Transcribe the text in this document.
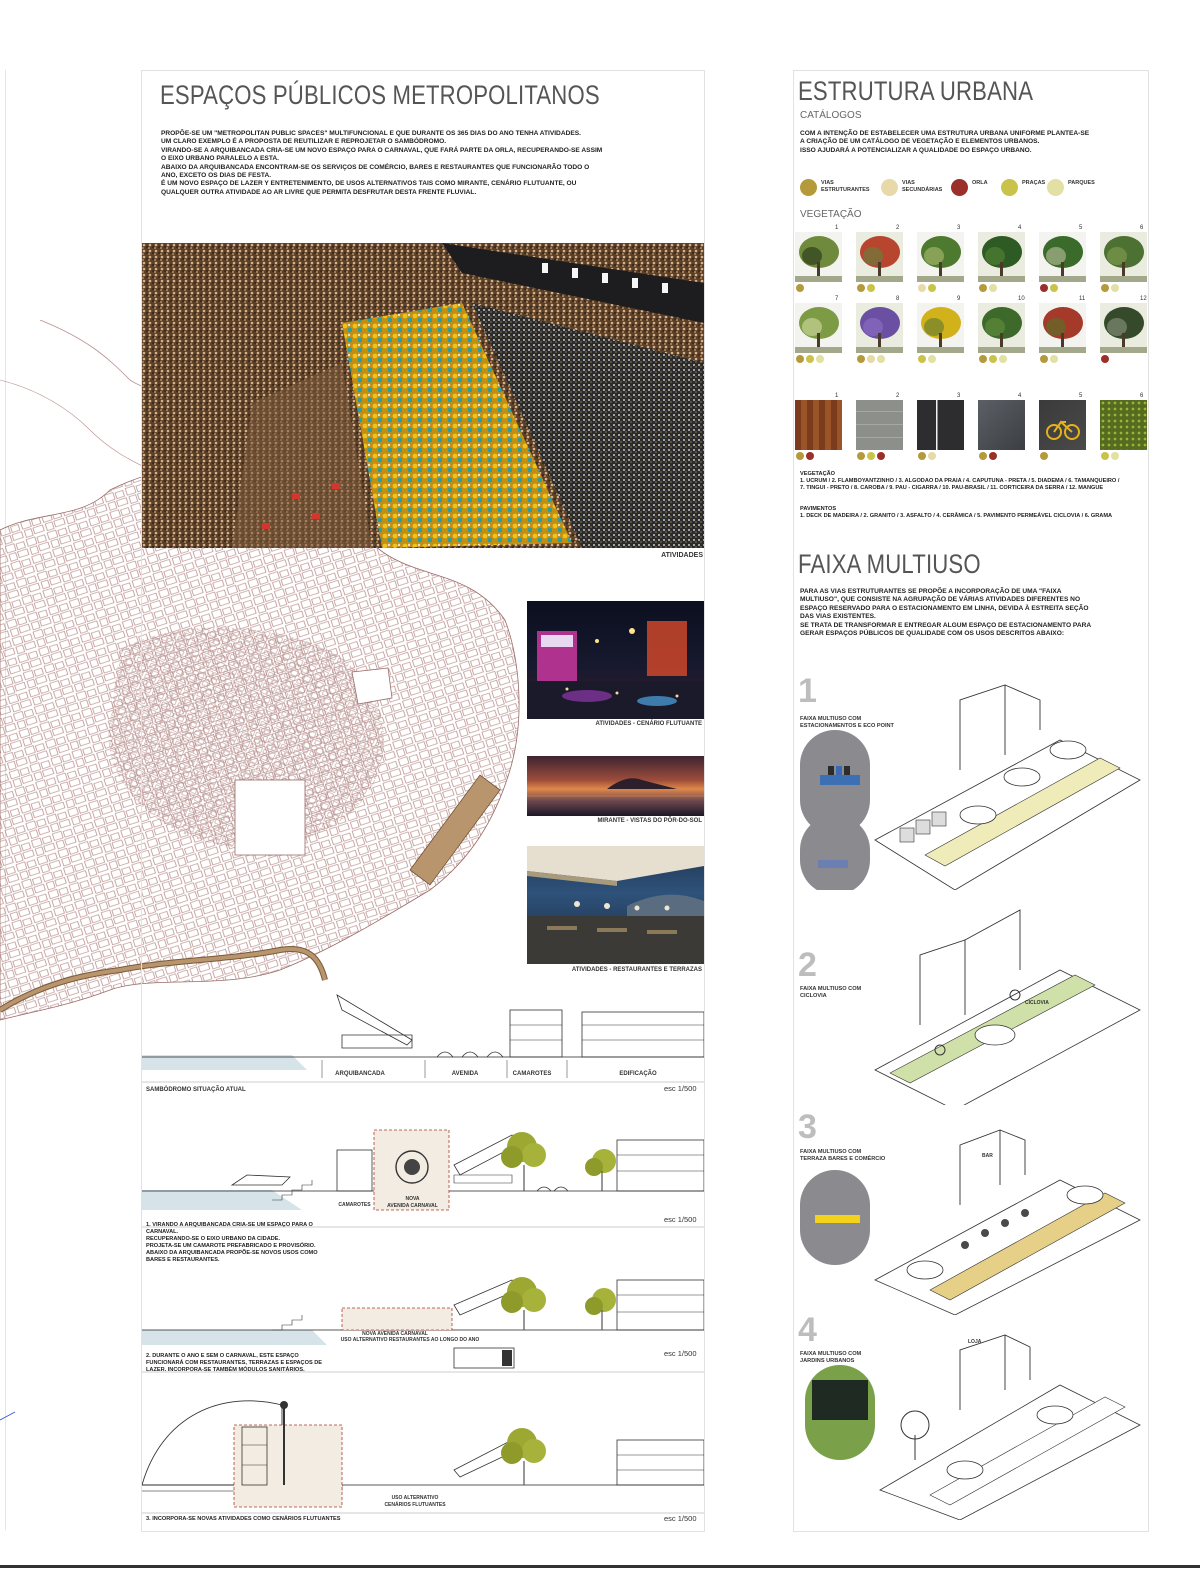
ESPAÇOS PÚBLICOS METROPOLITANOS
PROPÔE-SE UM "METROPOLITAN PUBLIC SPACES" MULTIFUNCIONAL E QUE DURANTE OS 365 DIAS DO ANO TENHA ATIVIDADES.
UM CLARO EXEMPLO É A PROPOSTA DE REUTILIZAR E REPROJETAR O SAMBÓDROMO.
VIRANDO-SE A ARQUIBANCADA CRIA-SE UM NOVO ESPAÇO PARA O CARNAVAL, QUE FARÁ PARTE DA ORLA, RECUPERANDO-SE ASSIM
O EIXO URBANO PARALELO A ESTA.
ABAIXO DA ARQUIBANCADA ENCONTRAM-SE OS SERVIÇOS DE COMÉRCIO, BARES E RESTAURANTES QUE FUNCIONARÃO TODO O
ANO, EXCETO OS DIAS DE FESTA.
É UM NOVO ESPAÇO DE LAZER Y ENTRETENIMENTO, DE USOS ALTERNATIVOS TAIS COMO MIRANTE, CENÁRIO FLUTUANTE, OU
QUALQUER OUTRA ATIVIDADE AO AR LIVRE QUE PERMITA DESFRUTAR DESTA FRENTE FLUVIAL.
ATIVIDADES
ATIVIDADES - CENÁRIO FLUTUANTE
MIRANTE - VISTAS DO PÔR-DO-SOL
ATIVIDADES - RESTAURANTES E TERRAZAS
ARQUIBANCADA	AVENIDA	CAMAROTES	EDIFICAÇÃO
SAMBÓDROMO SITUAÇÃO ATUAL	esc 1/500
CAMAROTES
NOVA
AVENIDA CARNAVAL
esc 1/500
1. VIRANDO A ARQUIBANCADA CRIA-SE UM ESPAÇO PARA O
CARNAVAL.
RECUPERANDO-SE O EIXO URBANO DA CIDADE.
PROJETA-SE UM CAMAROTE PREFABRICADO E PROVISÓRIO.
ABAIXO DA ARQUIBANCADA PROPÕE-SE NOVOS USOS COMO
BARES E RESTAURANTES.
NOVA AVENIDA CARNAVAL
USO ALTERNATIVO RESTAURANTES AO LONGO DO ANO
esc 1/500
2. DURANTE O ANO E SEM O CARNAVAL, ESTE ESPAÇO
FUNCIONARÁ COM RESTAURANTES, TERRAZAS E ESPAÇOS DE
LAZER. INCORPORA-SE TAMBÉM MÓDULOS SANITÁRIOS.
USO ALTERNATIVO
CENÁRIOS FLUTUANTES
3. INCORPORA-SE NOVAS ATIVIDADES COMO CENÁRIOS FLUTUANTES	esc 1/500
ESTRUTURA URBANA
CATÁLOGOS
COM A INTENÇÃO DE ESTABELECER UMA ESTRUTURA URBANA UNIFORME PLANTEA-SE
A CRIAÇÃO DE UM CATÁLOGO DE VEGETAÇÃO E ELEMENTOS URBANOS.
ISSO AJUDARÁ A POTENCIALIZAR A QUALIDADE DO ESPAÇO URBANO.
VIAS
ESTRUTURANTES
VIAS
SECUNDÁRIAS
ORLA	PRAÇAS	PARQUES
VEGETAÇÃO
1	2	3	4	5	6
7	8	9	10	11	12
1	2	3	4	5	6
VEGETAÇÃO
1. UCRUM / 2. FLAMBOYANTZINHO / 3. ALGODAO DA PRAIA / 4. CAPUTUNA - PRETA / 5. DIADEMA / 6. TAMANQUEIRO /
7. TINGUI - PRETO / 8. CAROBA / 9. PAU - CIGARRA / 10. PAU-BRASIL / 11. CORTICEIRA DA SERRA / 12. MANGUE
PAVIMENTOS
1. DECK DE MADEIRA / 2. GRANITO / 3. ASFALTO / 4. CERÂMICA / 5. PAVIMENTO PERMEÁVEL CICLOVIA / 6. GRAMA
FAIXA MULTIUSO
PARA AS VIAS ESTRUTURANTES SE PROPÕE A INCORPORAÇÃO DE UMA "FAIXA
MULTIUSO", QUE CONSISTE NA AGRUPAÇÃO DE VÁRIAS ATIVIDADES DIFERENTES NO
ESPAÇO RESERVADO PARA O ESTACIONAMENTO EM LINHA, DEVIDA À ESTREITA SEÇÃO
DAS VIAS EXISTENTES.
SE TRATA DE TRANSFORMAR E ENTREGAR ALGUM ESPAÇO DE ESTACIONAMENTO PARA
GERAR ESPAÇOS PÚBLICOS DE QUALIDADE COM OS USOS DESCRITOS ABAIXO:
1
FAIXA MULTIUSO COM
ESTACIONAMENTOS E ECO POINT
2
FAIXA MULTIUSO COM
CICLOVIA
CICLOVIA
3
FAIXA MULTIUSO COM
TERRAZA BARES E COMÉRCIO	BAR
4
FAIXA MULTIUSO COM
JARDINS URBANOS
LOJA
